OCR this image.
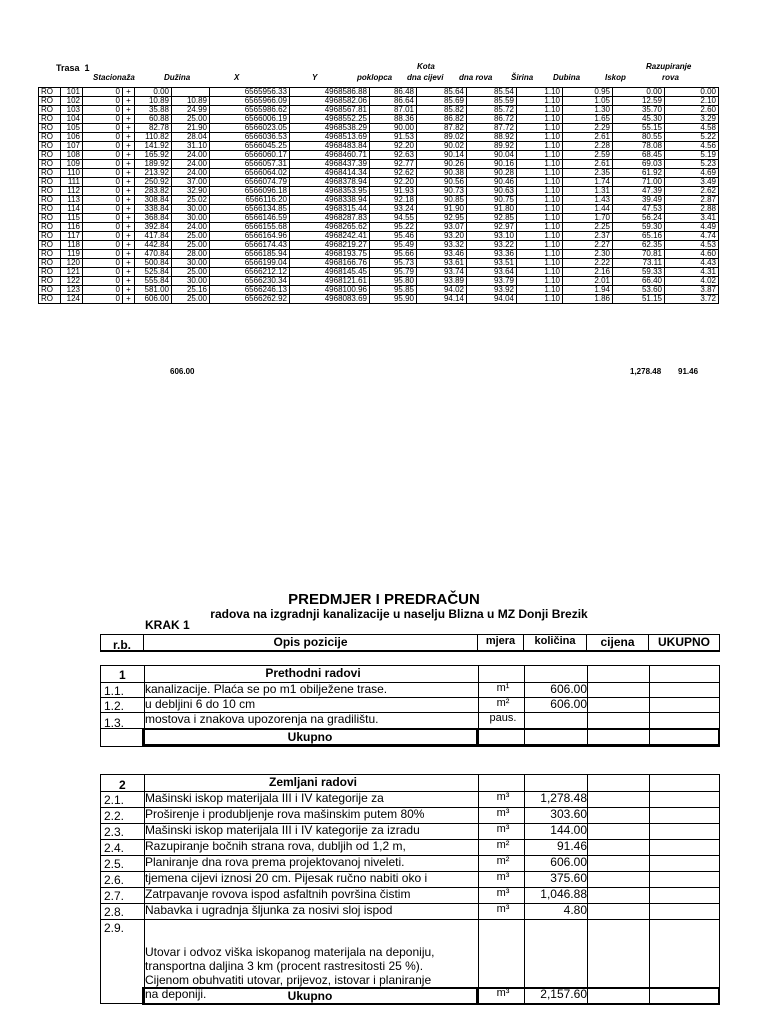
Trasa 1
Stacionaža	Dužina	X	Y
Kota
poklopca dna cijevi dna rova Širina Dubina	Iskop
Razupiranje
rova
RO	101	0	+	0.00		6565956.33	4968586.88	86.48	85.64	85.54	1.10	0.95	0.00	0.00
RO	102	0	+	10.89	10.89	6565966.09	4968582.06	86.64	85.69	85.59	1.10	1.05	12.59	2.10
RO	103	0	+	35.88	24.99	6565986.62	4968567.81	87.01	85.82	85.72	1.10	1.30	35.70	2.60
RO	104	0	+	60.88	25.00	6566006.19	4968552.25	88.36	86.82	86.72	1.10	1.65	45.30	3.29
RO	105	0	+	82.78	21.90	6566023.05	4968538.29	90.00	87.82	87.72	1.10	2.29	55.15	4.58
RO	106	0	+	110.82	28.04	6566036.53	4968513.69	91.53	89.02	88.92	1.10	2.61	80.55	5.22
RO	107	0	+	141.92	31.10	6566045.25	4968483.84	92.20	90.02	89.92	1.10	2.28	78.08	4.56
RO	108	0	+	165.92	24.00	6566060.17	4968460.71	92.63	90.14	90.04	1.10	2.59	68.45	5.19
RO	109	0	+	189.92	24.00	6566057.31	4968437.39	92.77	90.26	90.16	1.10	2.61	69.03	5.23
RO	110	0	+	213.92	24.00	6566064.02	4968414.34	92.62	90.38	90.28	1.10	2.35	61.92	4.69
RO	111	0	+	250.92	37.00	6566074.79	4968378.94	92.20	90.56	90.46	1.10	1.74	71.00	3.49
RO	112	0	+	283.82	32.90	6566096.18	4968353.95	91.93	90.73	90.63	1.10	1.31	47.39	2.62
RO	113	0	+	308.84	25.02	6566116.20	4968338.94	92.18	90.85	90.75	1.10	1.43	39.49	2.87
RO	114	0	+	338.84	30.00	6566134.85	4968315.44	93.24	91.90	91.80	1.10	1.44	47.53	2.88
RO	115	0	+	368.84	30.00	6566146.59	4968287.83	94.55	92.95	92.85	1.10	1.70	56.24	3.41
RO	116	0	+	392.84	24.00	6566155.68	4968265.62	95.22	93.07	92.97	1.10	2.25	59.30	4.49
RO	117	0	+	417.84	25.00	6566164.96	4968242.41	95.46	93.20	93.10	1.10	2.37	65.16	4.74
RO	118	0	+	442.84	25.00	6566174.43	4968219.27	95.49	93.32	93.22	1.10	2.27	62.35	4.53
RO	119	0	+	470.84	28.00	6566185.94	4968193.75	95.66	93.46	93.36	1.10	2.30	70.81	4.60
RO	120	0	+	500.84	30.00	6566199.04	4968166.76	95.73	93.61	93.51	1.10	2.22	73.11	4.43
RO	121	0	+	525.84	25.00	6566212.12	4968145.45	95.79	93.74	93.64	1.10	2.16	59.33	4.31
RO	122	0	+	555.84	30.00	6566230.34	4968121.61	95.80	93.89	93.79	1.10	2.01	66.40	4.02
RO	123	0	+	581.00	25.16	6566246.13	4968100.96	95.85	94.02	93.92	1.10	1.94	53.60	3.87
RO	124	0	+	606.00	25.00	6566262.92	4968083.69	95.90	94.14	94.04	1.10	1.86	51.15	3.72
606.00	1,278.48 91.46
PREDMJER I PREDRAČUN
radova na izgradnji kanalizacije u naselju Blizna u MZ Donji Brezik
KRAK 1
r.b.	Opis pozicije	mjera	količina	cijena	UKUPNO
1	Prethodni radovi
1.1. kanalizacije. Plaća se po m1 obilježene trase.	m¹	606.00
1.2. u debljini 6 do 10 cm	m²	606.00
1.3. mostova i znakova upozorenja na gradilištu.	paus.
Ukupno
2	Zemljani radovi
2.1. Mašinski iskop materijala III i IV kategorije za	m³	1,278.48
2.2. Proširenje i produbljenje rova mašinskim putem 80%	m³	303.60
2.3. Mašinski iskop materijala III i IV kategorije za izradu	m³	144.00
2.4. Razupiranje bočnih strana rova, dubljih od 1,2 m,	m²	91.46
2.5. Planiranje dna rova prema projektovanoj niveleti.	m²	606.00
2.6. tjemena cijevi iznosi 20 cm. Pijesak ručno nabiti oko i	m³	375.60
2.7. Zatrpavanje rovova ispod asfaltnih površina čistim	m³	1,046.88
2.8. Nabavka i ugradnja šljunka za nosivi sloj ispod	m³	4.80
2.9.
Utovar i odvoz viška iskopanog materijala na deponiju,
transportna daljina 3 km (procent rastresitosti 25 %).
Cijenom obuhvatiti utovar, prijevoz, istovar i planiranje
na deponiji.	m³	2,157.60
Ukupno
